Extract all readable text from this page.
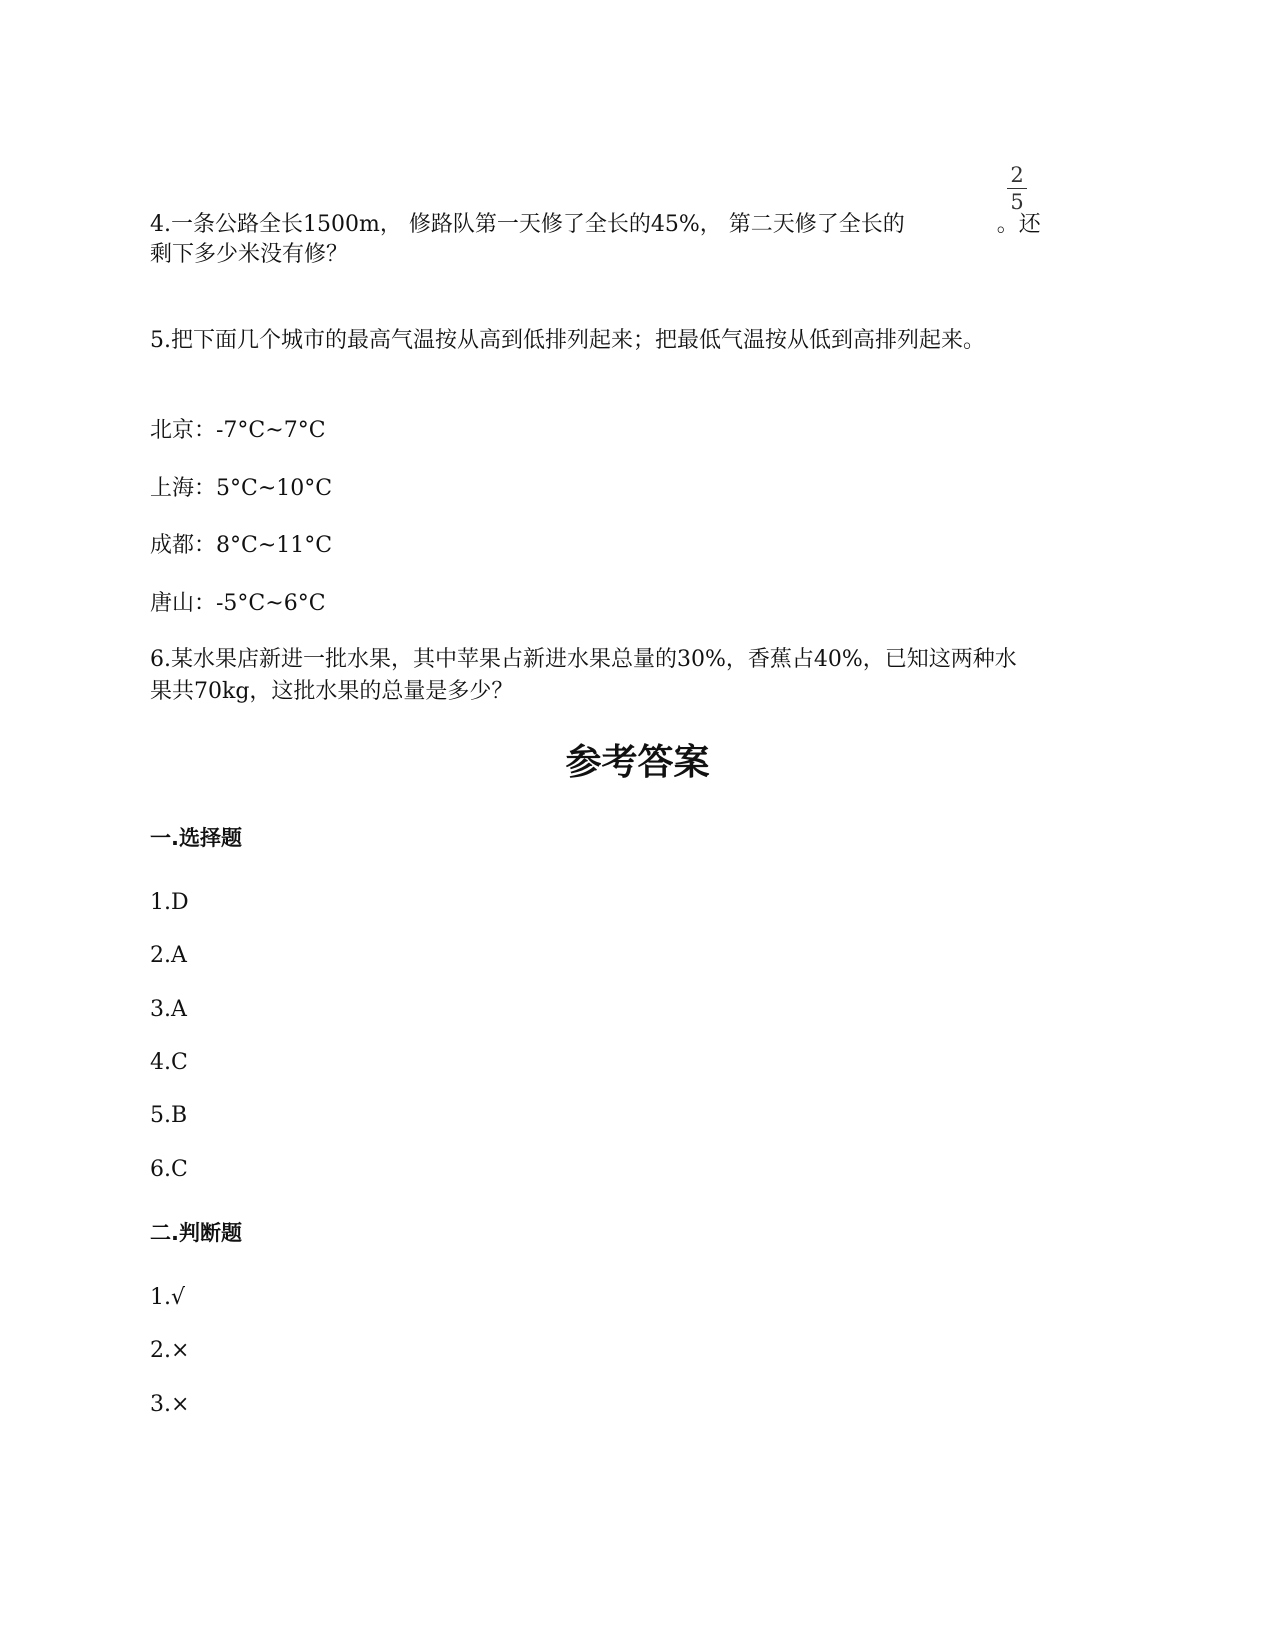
4.一条公路全长1500m， 修路队第一天修了全长的45%， 第二天修了全长的	。还
2
5
剩下多少米没有修？
5.把下面几个城市的最高气温按从高到低排列起来；把最低气温按从低到高排列起来。
北京：-7°C~7°C
上海：5°C~10°C
成都：8°C~11°C
唐山：-5°C~6°C
6.某水果店新进一批水果，其中苹果占新进水果总量的30%，香蕉占40%，已知这两种水
果共70kg，这批水果的总量是多少？
参考答案
一.选择题
1.D
2.A
3.A
4.C
5.B
6.C
二.判断题
1.√
2.×
3.×
